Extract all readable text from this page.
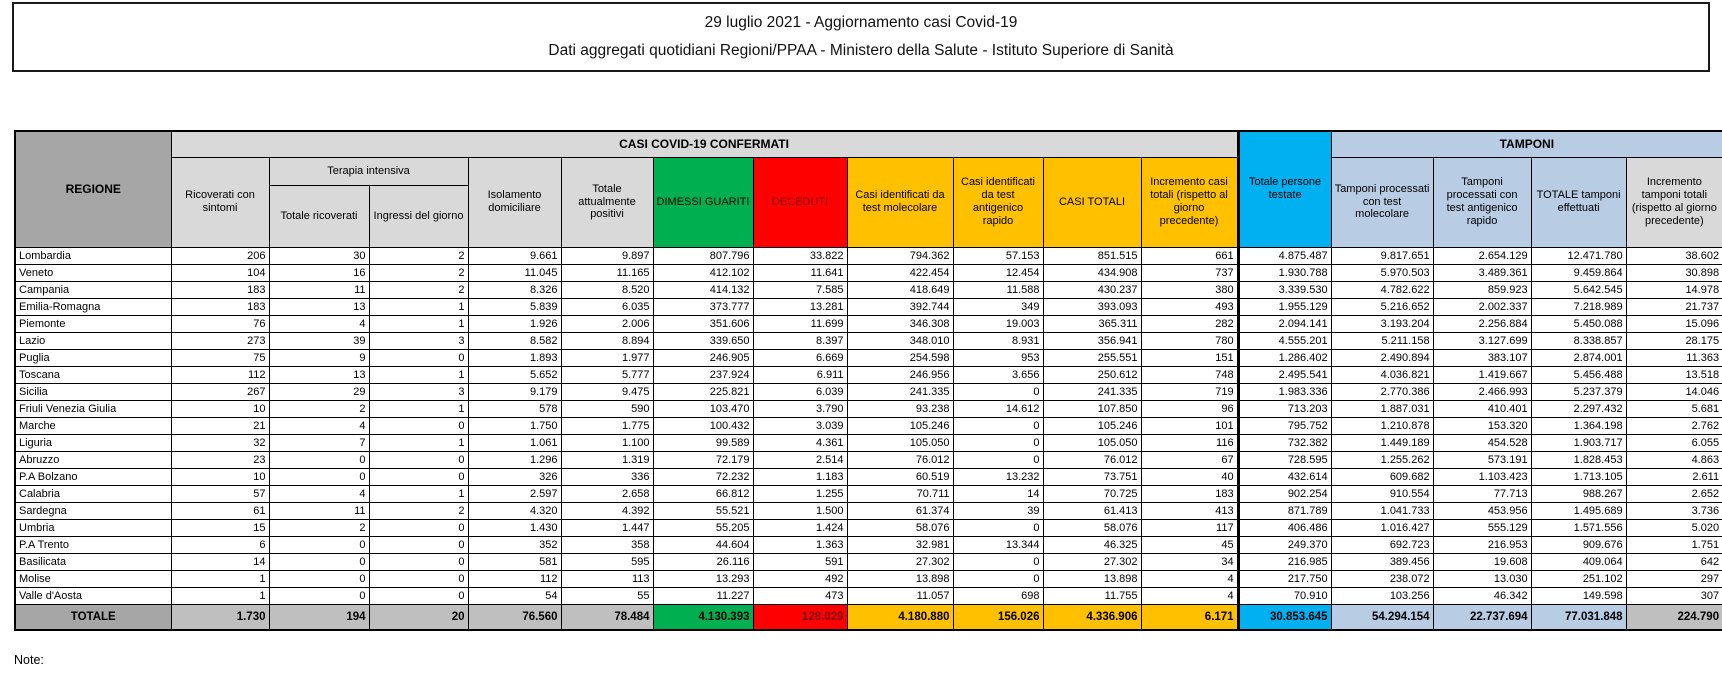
29 luglio 2021 - Aggiornamento casi Covid-19
Dati aggregati quotidiani Regioni/PPAA - Ministero della Salute - Istituto Superiore di Sanità
REGIONE	CASI COVID-19 CONFERMATI											Totale persone testate	TAMPONI			
	Ricoverati con sintomi	Terapia intensiva		Isolamento domiciliare	Totale attualmente positivi	DIMESSI GUARITI	DECEDUTI	Casi identificati da test molecolare	Casi identificati da test antigenico rapido	CASI TOTALI	Incremento casi totali (rispetto al giorno precedente)		Tamponi processati con test molecolare	Tamponi processati con test antigenico rapido	TOTALE tamponi effettuati	Incremento tamponi totali (rispetto al giorno precedente)
		Totale ricoverati	Ingressi del giorno													
Lombardia	206	30	2	9.661	9.897	807.796	33.822	794.362	57.153	851.515	661	4.875.487	9.817.651	2.654.129	12.471.780	38.602
Veneto	104	16	2	11.045	11.165	412.102	11.641	422.454	12.454	434.908	737	1.930.788	5.970.503	3.489.361	9.459.864	30.898
Campania	183	11	2	8.326	8.520	414.132	7.585	418.649	11.588	430.237	380	3.339.530	4.782.622	859.923	5.642.545	14.978
Emilia-Romagna	183	13	1	5.839	6.035	373.777	13.281	392.744	349	393.093	493	1.955.129	5.216.652	2.002.337	7.218.989	21.737
Piemonte	76	4	1	1.926	2.006	351.606	11.699	346.308	19.003	365.311	282	2.094.141	3.193.204	2.256.884	5.450.088	15.096
Lazio	273	39	3	8.582	8.894	339.650	8.397	348.010	8.931	356.941	780	4.555.201	5.211.158	3.127.699	8.338.857	28.175
Puglia	75	9	0	1.893	1.977	246.905	6.669	254.598	953	255.551	151	1.286.402	2.490.894	383.107	2.874.001	11.363
Toscana	112	13	1	5.652	5.777	237.924	6.911	246.956	3.656	250.612	748	2.495.541	4.036.821	1.419.667	5.456.488	13.518
Sicilia	267	29	3	9.179	9.475	225.821	6.039	241.335	0	241.335	719	1.983.336	2.770.386	2.466.993	5.237.379	14.046
Friuli Venezia Giulia	10	2	1	578	590	103.470	3.790	93.238	14.612	107.850	96	713.203	1.887.031	410.401	2.297.432	5.681
Marche	21	4	0	1.750	1.775	100.432	3.039	105.246	0	105.246	101	795.752	1.210.878	153.320	1.364.198	2.762
Liguria	32	7	1	1.061	1.100	99.589	4.361	105.050	0	105.050	116	732.382	1.449.189	454.528	1.903.717	6.055
Abruzzo	23	0	0	1.296	1.319	72.179	2.514	76.012	0	76.012	67	728.595	1.255.262	573.191	1.828.453	4.863
P.A Bolzano	10	0	0	326	336	72.232	1.183	60.519	13.232	73.751	40	432.614	609.682	1.103.423	1.713.105	2.611
Calabria	57	4	1	2.597	2.658	66.812	1.255	70.711	14	70.725	183	902.254	910.554	77.713	988.267	2.652
Sardegna	61	11	2	4.320	4.392	55.521	1.500	61.374	39	61.413	413	871.789	1.041.733	453.956	1.495.689	3.736
Umbria	15	2	0	1.430	1.447	55.205	1.424	58.076	0	58.076	117	406.486	1.016.427	555.129	1.571.556	5.020
P.A Trento	6	0	0	352	358	44.604	1.363	32.981	13.344	46.325	45	249.370	692.723	216.953	909.676	1.751
Basilicata	14	0	0	581	595	26.116	591	27.302	0	27.302	34	216.985	389.456	19.608	409.064	642
Molise	1	0	0	112	113	13.293	492	13.898	0	13.898	4	217.750	238.072	13.030	251.102	297
Valle d'Aosta	1	0	0	54	55	11.227	473	11.057	698	11.755	4	70.910	103.256	46.342	149.598	307
TOTALE	1.730	194	20	76.560	78.484	4.130.393	128.029	4.180.880	156.026	4.336.906	6.171	30.853.645	54.294.154	22.737.694	77.031.848	224.790
Note:
